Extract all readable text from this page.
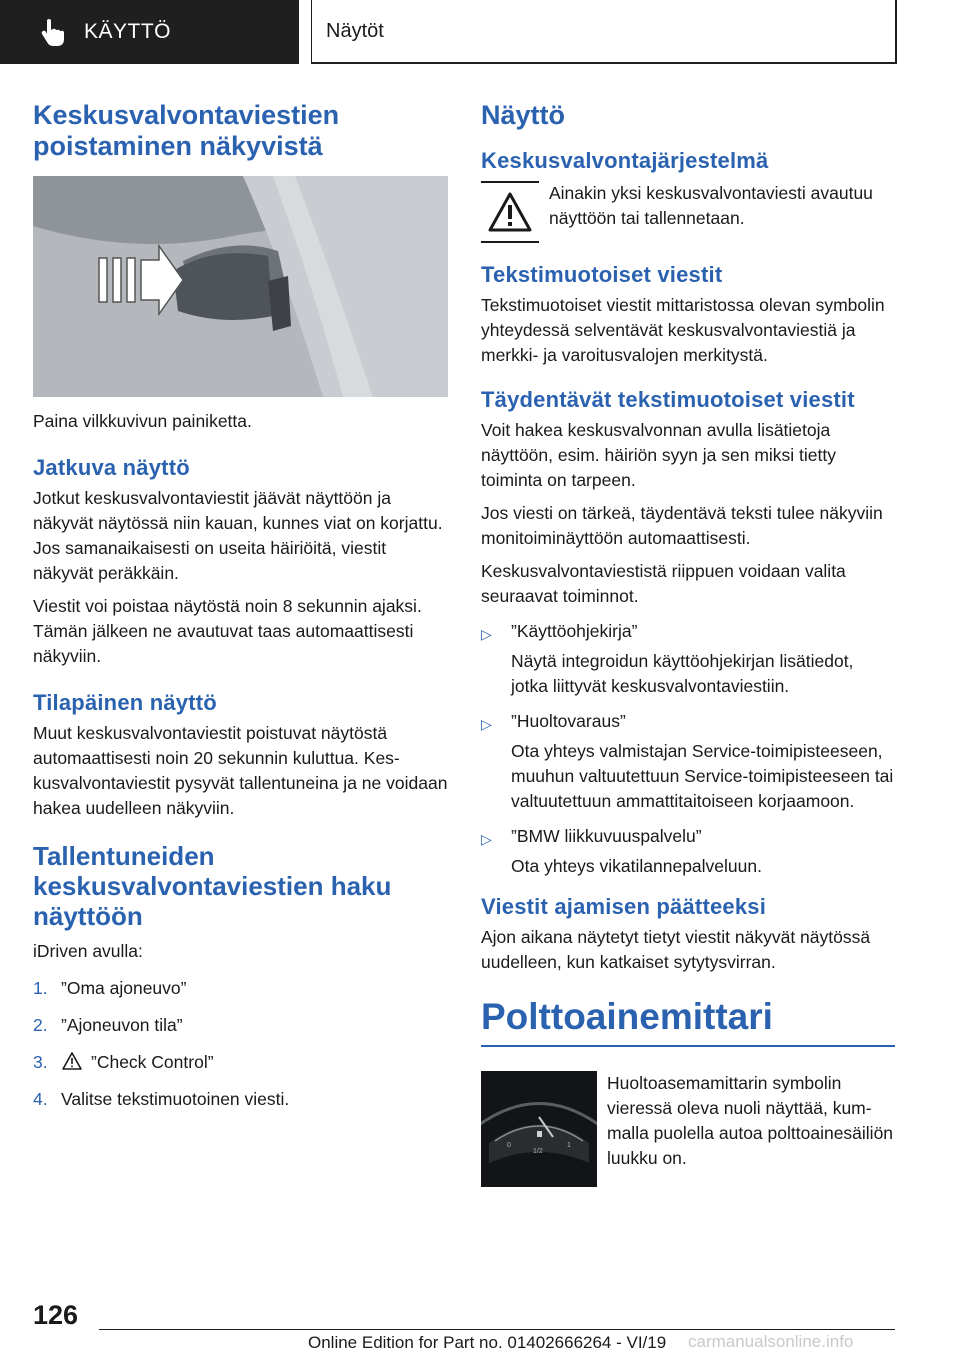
KÄYTTÖ	Näytöt
Keskusvalvontaviestien poistaminen näkyvistä

Paina vilkkuvivun painiketta.

Jatkuva näyttö

Jotkut keskusvalvontaviestit jäävät näyttöön ja näkyvät näytössä niin kauan, kunnes viat on korjattu. Jos samanaikaisesti on useita häiriöitä, viestit näkyvät peräkkäin.

Viestit voi poistaa näytöstä noin 8 sekunnin ajaksi. Tämän jälkeen ne avautuvat taas automaattisesti näkyviin.

Tilapäinen näyttö

Muut keskusvalvontaviestit poistuvat näytöstä automaattisesti noin 20 sekunnin kuluttua. Keskusvalvontaviestit pysyvät tallentuneina ja ne voidaan hakea uudelleen näkyviin.

Tallentuneiden keskusvalvontaviestien haku näyttöön

iDriven avulla:

1. ”Oma ajoneuvo”
2. ”Ajoneuvon tila”
3.	”Check Control”
4. Valitse tekstimuotoinen viesti.
Näyttö
Keskusvalvontajärjestelmä

Ainakin yksi keskusvalvontaviesti avautuu näyttöön tai tallennetaan.

Tekstimuotoiset viestit

Tekstimuotoiset viestit mittaristossa olevan symbolin yhteydessä selventävät keskusvalvontaviestiä ja merkki- ja varoitusvalojen merkitystä.

Täydentävät tekstimuotoiset viestit

Voit hakea keskusvalvonnan avulla lisätietoja näyttöön, esim. häiriön syyn ja sen miksi tietty toiminta on tarpeen.

Jos viesti on tärkeä, täydentävä teksti tulee näkyviin monitoiminäyttöön automaattisesti.

Keskusvalvontaviestistä riippuen voidaan valita seuraavat toiminnot.

▷	”Käyttöohjekirja”
Näytä integroidun käyttöohjekirjan lisätiedot, jotka liittyvät keskusvalvontaviestiin.
▷	”Huoltovaraus”
Ota yhteys valmistajan Service-toimipisteeseen, muuhun valtuutettuun Service-toimipisteeseen tai valtuutettuun ammattitaitoiseen korjaamoon.
▷	”BMW liikkuvuuspalvelu”
Ota yhteys vikatilannepalveluun.
Viestit ajamisen päätteeksi

Ajon aikana näytetyt tietyt viestit näkyvät näytössä uudelleen, kun katkaiset sytytysvirran.

Polttoainemittari
0
1/2
1

Huoltoasemamittarin symbolin vieressä oleva nuoli näyttää, kummalla puolella autoa polttoainesäiliön luukku on.

126
Online Edition for Part no. 01402666264 - VI/19 carmanualsonline.info
